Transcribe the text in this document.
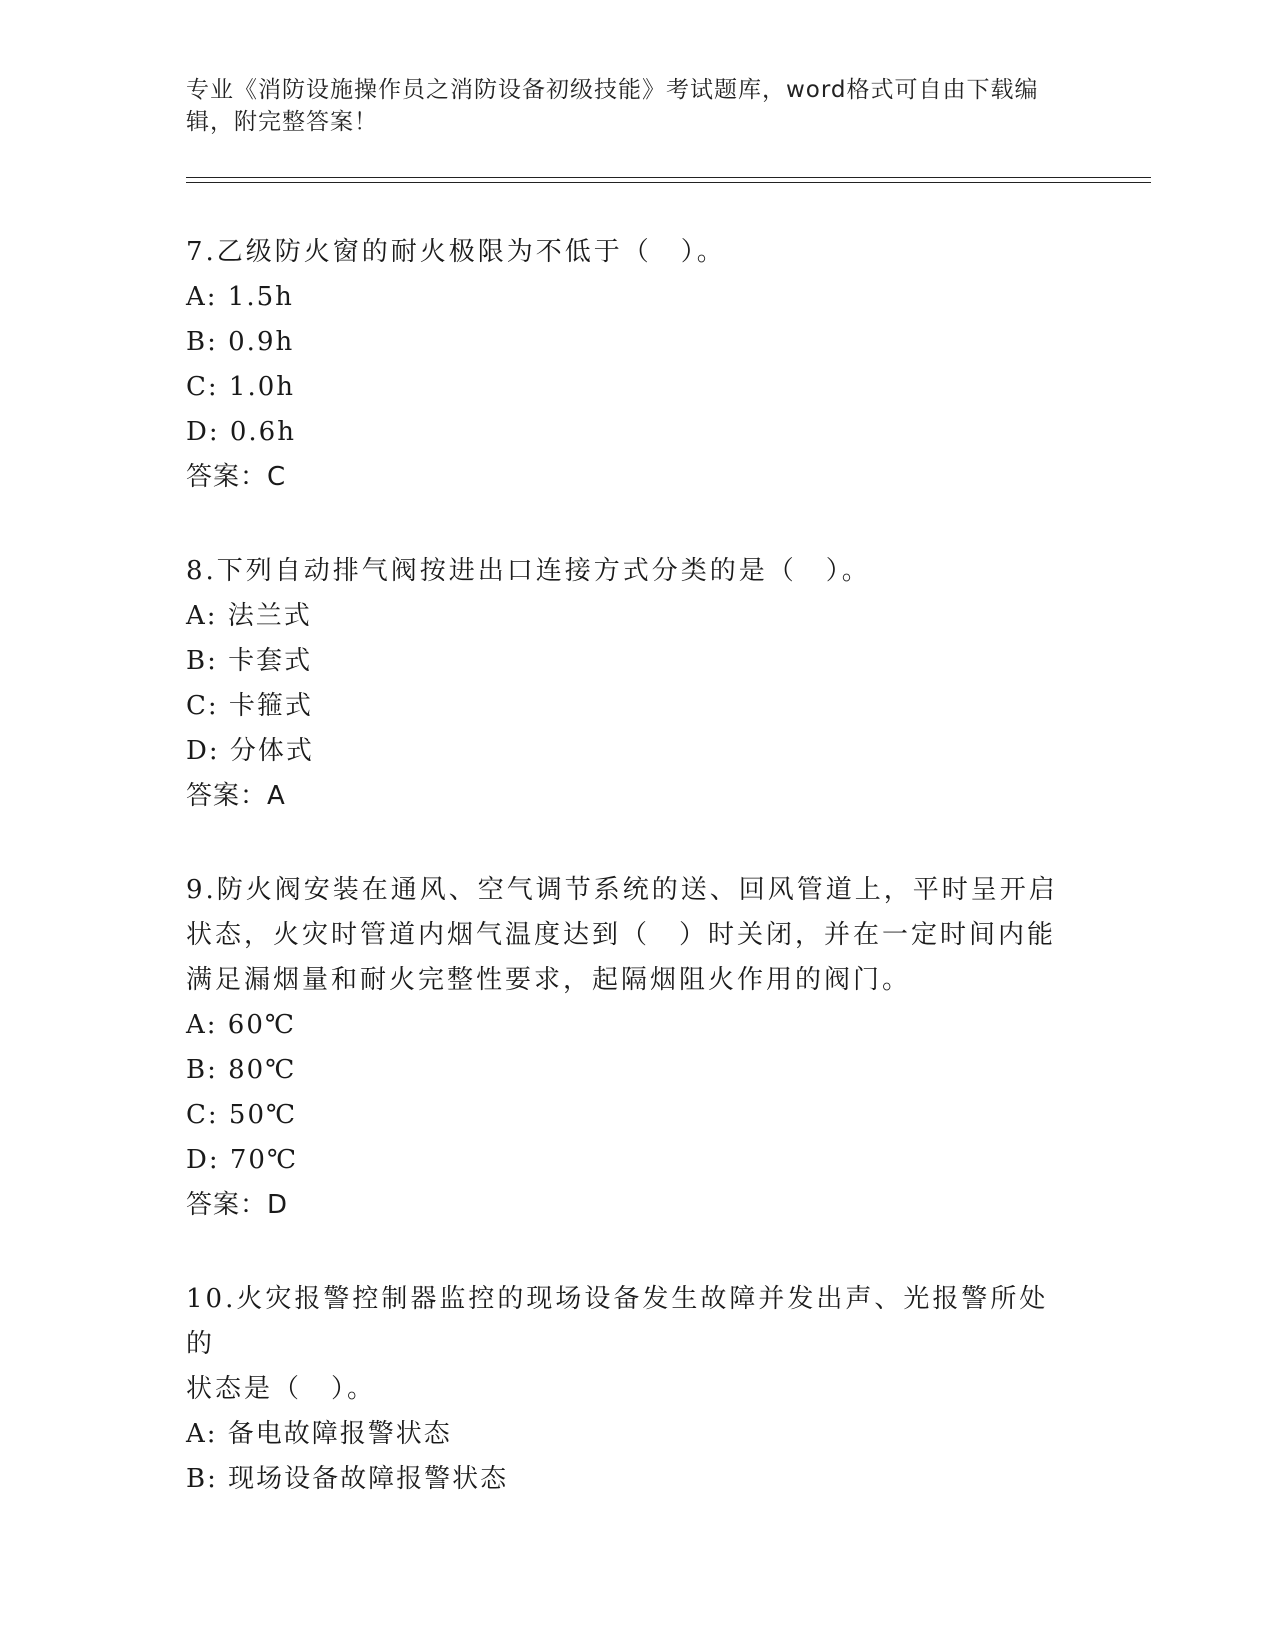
专业《消防设施操作员之消防设备初级技能》考试题库，word格式可自由下载编
辑，附完整答案！

7.乙级防火窗的耐火极限为不低于（　）。

A: 1.5h

B: 0.9h

C: 1.0h

D: 0.6h

答案：C

8.下列自动排气阀按进出口连接方式分类的是（　）。

A: 法兰式

B: 卡套式

C: 卡箍式

D: 分体式

答案：A

9.防火阀安装在通风、空气调节系统的送、回风管道上，平时呈开启

状态，火灾时管道内烟气温度达到（　）时关闭，并在一定时间内能

满足漏烟量和耐火完整性要求，起隔烟阻火作用的阀门。

A: 60℃

B: 80℃

C: 50℃

D: 70℃

答案：D

10.火灾报警控制器监控的现场设备发生故障并发出声、光报警所处的

状态是（　）。

A: 备电故障报警状态

B: 现场设备故障报警状态
